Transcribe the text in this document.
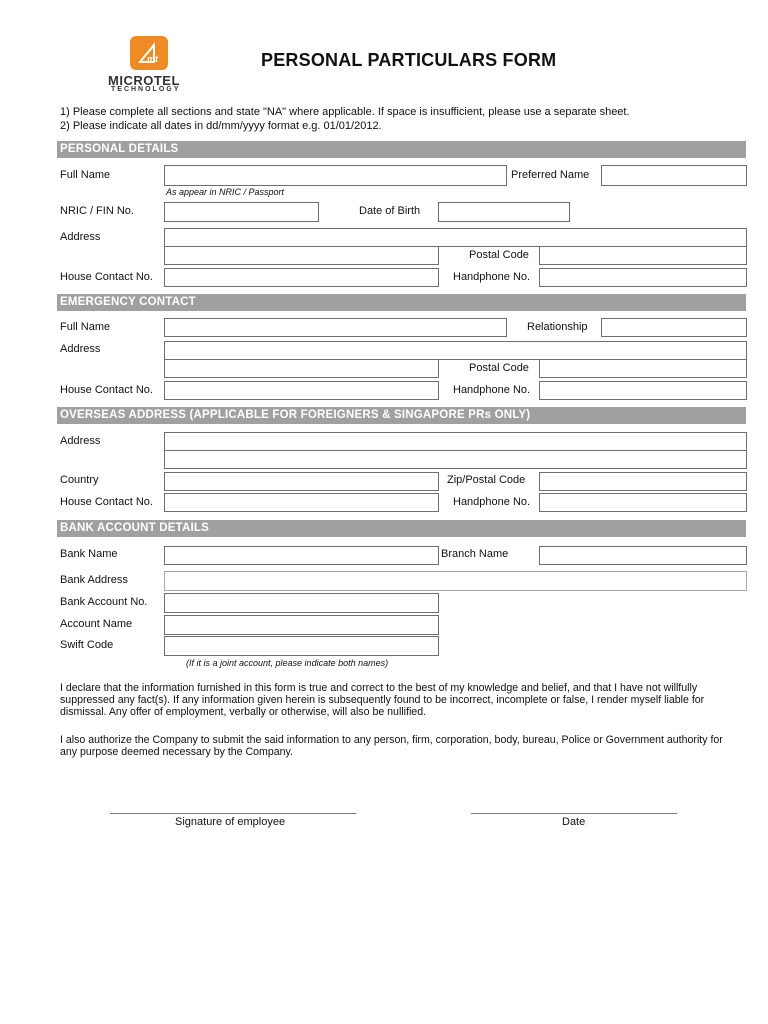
mt
MICROTEL
TECHNOLOGY
PERSONAL PARTICULARS FORM
1) Please complete all sections and state "NA" where applicable. If space is insufficient, please use a separate sheet.
2) Please indicate all dates in dd/mm/yyyy format e.g. 01/01/2012.
PERSONAL DETAILS
Full Name	Preferred Name
As appear in NRIC / Passport
NRIC / FIN No.	Date of Birth
Address
Postal Code
House Contact No.	Handphone No.
EMERGENCY CONTACT
Full Name	Relationship
Address
Postal Code
House Contact No.	Handphone No.
OVERSEAS ADDRESS (APPLICABLE FOR FOREIGNERS & SINGAPORE PRs ONLY)
Address
Country	Zip/Postal Code
House Contact No.	Handphone No.
BANK ACCOUNT DETAILS
Bank Name	Branch Name
Bank Address
Bank Account No.
Account Name
Swift Code
(If it is a joint account, please indicate both names)
I declare that the information furnished in this form is true and correct to the best of my knowledge and belief, and that I have not willfully suppressed any fact(s). If any information given herein is subsequently found to be incorrect, incomplete or false, I render myself liable for dismissal. Any offer of employment, verbally or otherwise, will also be nullified.
I also authorize the Company to submit the said information to any person, firm, corporation, body, bureau, Police or Government authority for any purpose deemed necessary by the Company.
Signature of employee	Date
